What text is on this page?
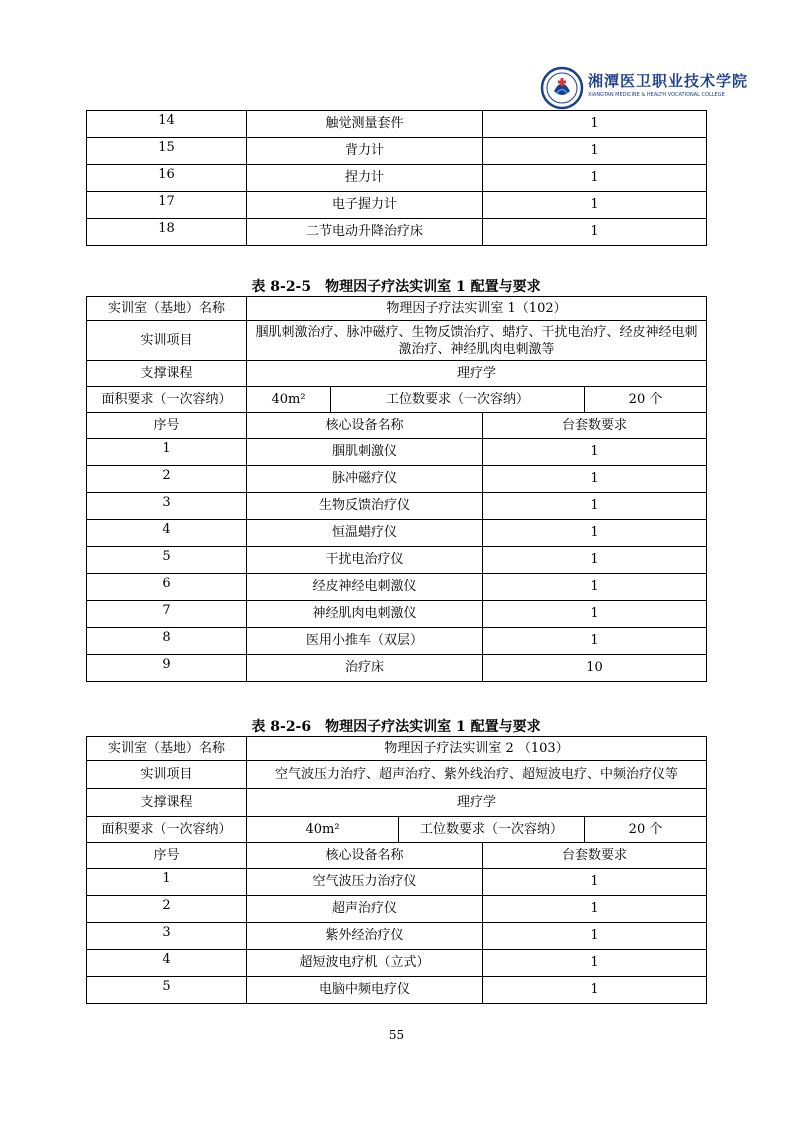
湘潭医卫职业技术学院
XIANGTAN MEDICINE & HEALTH VOCATIONAL COLLEGE
14	触觉测量套件	1
15	背力计	1
16	捏力计	1
17	电子握力计	1
18	二节电动升降治疗床	1
表 8-2-5　物理因子疗法实训室 1 配置与要求
实训室（基地）名称	物理因子疗法实训室 1（102）			
实训项目	腘肌刺激治疗、脉冲磁疗、生物反馈治疗、蜡疗、干扰电治疗、经皮神经电刺激治疗、神经肌肉电刺激等			
支撑课程	理疗学			
面积要求（一次容纳）	40m²	工位数要求（一次容纳）		20 个
序号	核心设备名称		台套数要求	
1	腘肌刺激仪		1	
2	脉冲磁疗仪		1	
3	生物反馈治疗仪		1	
4	恒温蜡疗仪		1	
5	干扰电治疗仪		1	
6	经皮神经电刺激仪		1	
7	神经肌肉电刺激仪		1	
8	医用小推车（双层）		1	
9	治疗床		10	
表 8-2-6　物理因子疗法实训室 1 配置与要求
实训室（基地）名称	物理因子疗法实训室 2 （103）			
实训项目	空气波压力治疗、超声治疗、紫外线治疗、超短波电疗、中频治疗仪等			
支撑课程	理疗学			
面积要求（一次容纳）	40m²	工位数要求（一次容纳）		20 个
序号	核心设备名称		台套数要求	
1	空气波压力治疗仪		1	
2	超声治疗仪		1	
3	紫外经治疗仪		1	
4	超短波电疗机（立式）		1	
5	电脑中频电疗仪		1	
55
